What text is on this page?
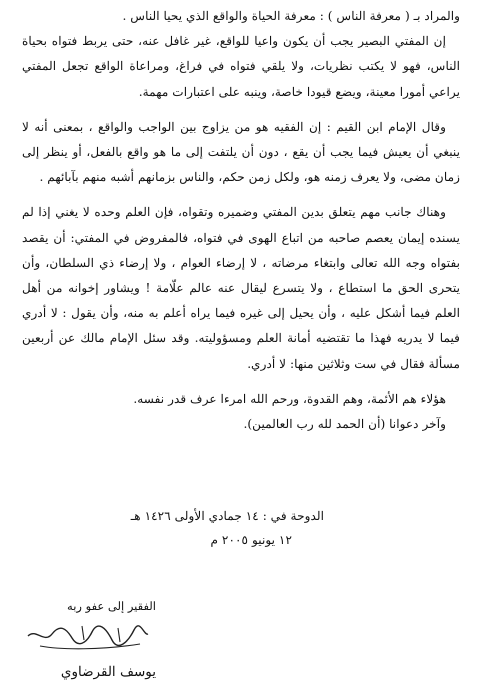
والمراد بـ ( معرفة الناس ) : معرفة الحياة والواقع الذي يحيا الناس .

إن المفتي البصير يجب أن يكون واعيا للواقع، غير غافل عنه، حتى يربط فتواه بحياة الناس، فهو لا يكتب نظريات، ولا يلقي فتواه في فراغ، ومراعاة الواقع تجعل المفتي يراعي أمورا معينة، ويضع قيودا خاصة، وينبه على اعتبارات مهمة.

وقال الإمام ابن القيم : إن الفقيه هو من يزاوج بين الواجب والواقع ، بمعنى أنه لا ينبغي أن يعيش فيما يجب أن يقع ، دون أن يلتفت إلى ما هو واقع بالفعل، أو ينظر إلى زمان مضى، ولا يعرف زمنه هو، ولكل زمن حكم، والناس بزمانهم أشبه منهم بآبائهم .

وهناك جانب مهم يتعلق بدين المفتي وضميره وتقواه، فإن العلم وحده لا يغني إذا لم يسنده إيمان يعصم صاحبه من اتباع الهوى في فتواه، فالمفروض في المفتي: أن يقصد بفتواه وجه الله تعالى وابتغاء مرضاته ، لا إرضاء العوام ، ولا إرضاء ذي السلطان، وأن يتحرى الحق ما استطاع ، ولا يتسرع ليقال عنه عالم علّامة ! ويشاور إخوانه من أهل العلم فيما أشكل عليه ، وأن يحيل إلى غيره فيما يراه أعلم به منه، وأن يقول : لا أدري فيما لا يدريه فهذا ما تقتضيه أمانة العلم ومسؤوليته. وقد سئل الإمام مالك عن أربعين مسألة فقال في ست وثلاثين منها: لا أدري.

هؤلاء هم الأئمة، وهم القدوة، ورحم الله امرءا عرف قدر نفسه.

وآخر دعوانا (أن الحمد لله رب العالمين).

الدوحة في : ١٤ جمادي الأولى ١٤٢٦ هـ
١٢ يونيو ٢٠٠٥ م
الفقير إلى عفو ربه
يوسف القرضاوي
